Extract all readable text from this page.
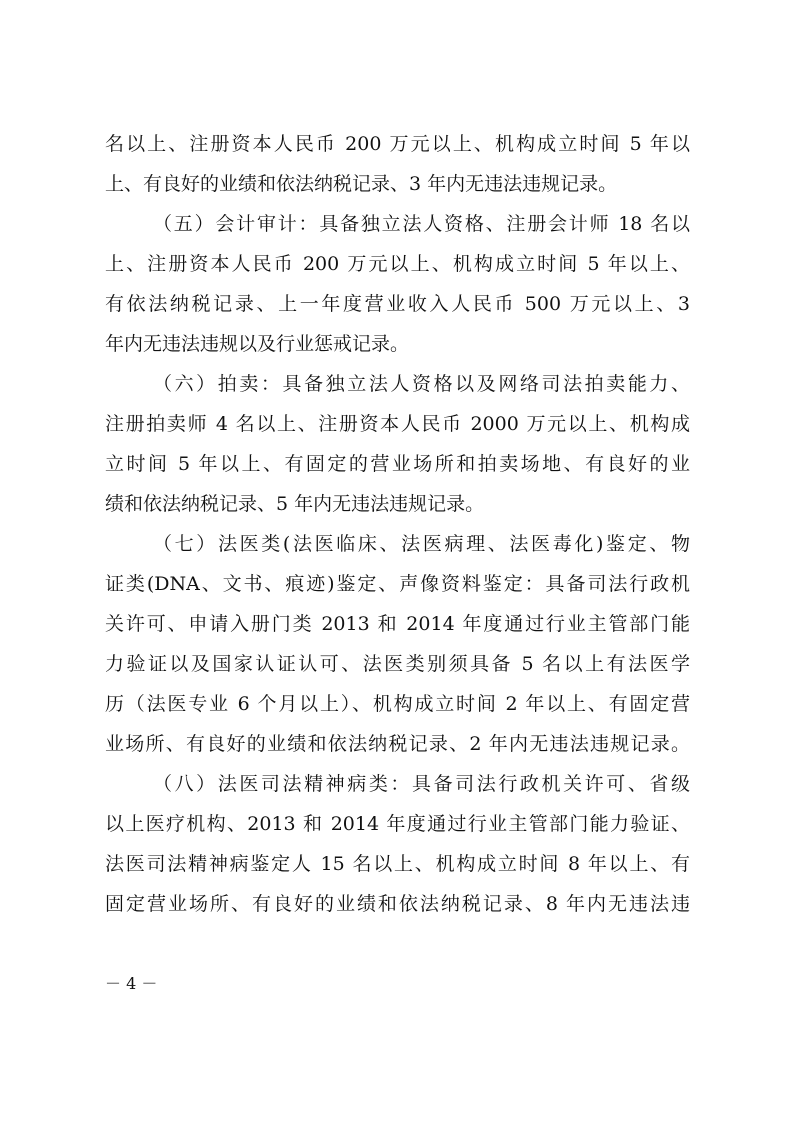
名以上、注册资本人民币 200 万元以上、机构成立时间 5 年以
上、有良好的业绩和依法纳税记录、3 年内无违法违规记录。
（五）会计审计：具备独立法人资格、注册会计师 18 名以
上、注册资本人民币 200 万元以上、机构成立时间 5 年以上、
有依法纳税记录、上一年度营业收入人民币 500 万元以上、3
年内无违法违规以及行业惩戒记录。
（六）拍卖：具备独立法人资格以及网络司法拍卖能力、
注册拍卖师 4 名以上、注册资本人民币 2000 万元以上、机构成
立时间 5 年以上、有固定的营业场所和拍卖场地、有良好的业
绩和依法纳税记录、5 年内无违法违规记录。
（七）法医类(法医临床、法医病理、法医毒化)鉴定、物
证类(DNA、文书、痕迹)鉴定、声像资料鉴定：具备司法行政机
关许可、申请入册门类 2013 和 2014 年度通过行业主管部门能
力验证以及国家认证认可、法医类别须具备 5 名以上有法医学
历（法医专业 6 个月以上）、机构成立时间 2 年以上、有固定营
业场所、有良好的业绩和依法纳税记录、2 年内无违法违规记录。
（八）法医司法精神病类：具备司法行政机关许可、省级
以上医疗机构、2013 和 2014 年度通过行业主管部门能力验证、
法医司法精神病鉴定人 15 名以上、机构成立时间 8 年以上、有
固定营业场所、有良好的业绩和依法纳税记录、8 年内无违法违
－ 4 －
